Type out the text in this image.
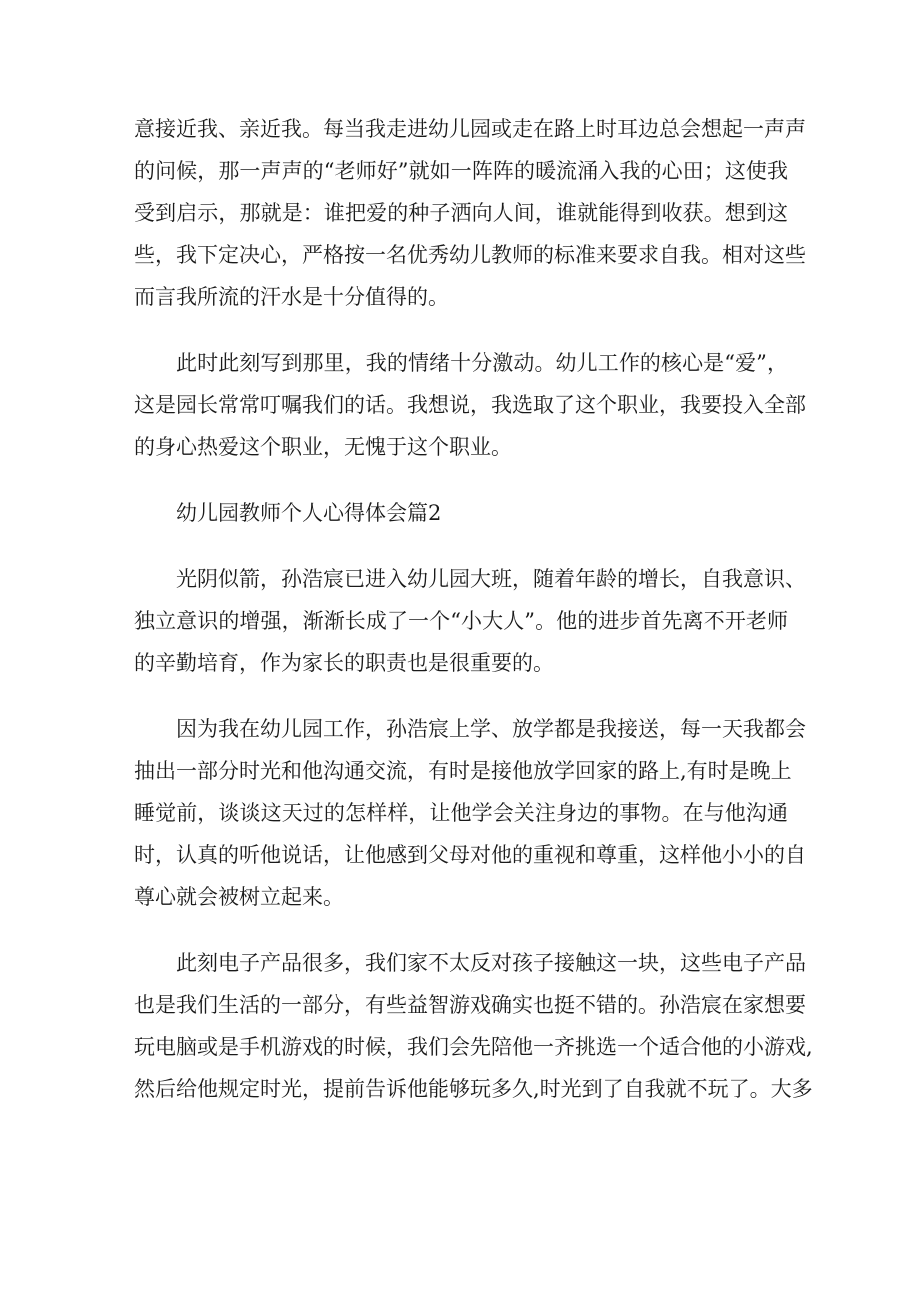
意接近我、亲近我。每当我走进幼儿园或走在路上时耳边总会想起一声声
的问候，那一声声的“老师好”就如一阵阵的暖流涌入我的心田；这使我
受到启示，那就是：谁把爱的种子洒向人间，谁就能得到收获。想到这
些，我下定决心，严格按一名优秀幼儿教师的标准来要求自我。相对这些
而言我所流的汗水是十分值得的。
此时此刻写到那里，我的情绪十分激动。幼儿工作的核心是“爱”，
这是园长常常叮嘱我们的话。我想说，我选取了这个职业，我要投入全部
的身心热爱这个职业，无愧于这个职业。
幼儿园教师个人心得体会篇2
光阴似箭，孙浩宸已进入幼儿园大班，随着年龄的增长，自我意识、
独立意识的增强，渐渐长成了一个“小大人”。他的进步首先离不开老师
的辛勤培育，作为家长的职责也是很重要的。
因为我在幼儿园工作，孙浩宸上学、放学都是我接送，每一天我都会
抽出一部分时光和他沟通交流，有时是接他放学回家的路上,有时是晚上
睡觉前，谈谈这天过的怎样样，让他学会关注身边的事物。在与他沟通
时，认真的听他说话，让他感到父母对他的重视和尊重，这样他小小的自
尊心就会被树立起来。
此刻电子产品很多，我们家不太反对孩子接触这一块，这些电子产品
也是我们生活的一部分，有些益智游戏确实也挺不错的。孙浩宸在家想要
玩电脑或是手机游戏的时候，我们会先陪他一齐挑选一个适合他的小游戏,
然后给他规定时光，提前告诉他能够玩多久,时光到了自我就不玩了。大多
